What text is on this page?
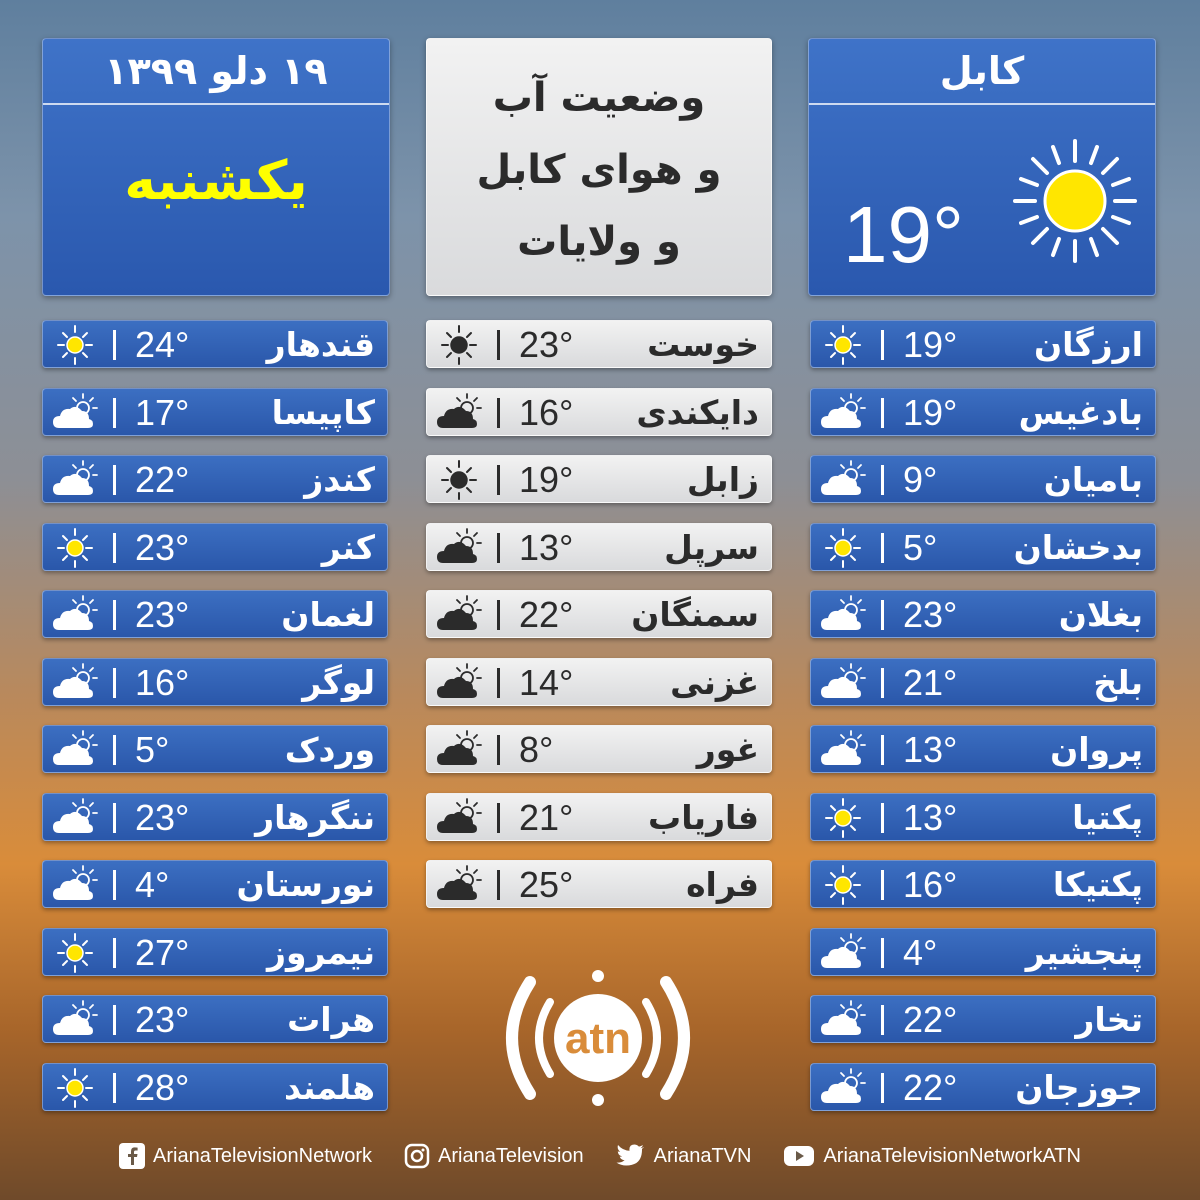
۱۹ دلو ۱۳۹۹
یکشنبه
وضعیت آب
و هوای کابل
و ولایات
کابل
19°
24° قندهار
17° کاپیسا
22°	کندز
23°	کنر
23°	لغمان
16°	لوگر
5°	وردک
23° ننگرهار
4° نورستان
27° نیمروز
23°	هرات
28°	هلمند
23° خوست
16° دایکندی
19°	زابل
13°	سرپل
22° سمنگان
14°	غزنی
8°	غور
21° فاریاب
25°	فراه
19° ارزگان
19° بادغیس
9°	بامیان
5° بدخشان
23°	بغلان
21°	بلخ
13°	پروان
13°	پکتیا
16°	پکتیکا
4°	پنجشیر
22°	تخار
22° جوزجان
atn
ArianaTelevisionNetwork	ArianaTelevision	ArianaTVN	ArianaTelevisionNetworkATN
